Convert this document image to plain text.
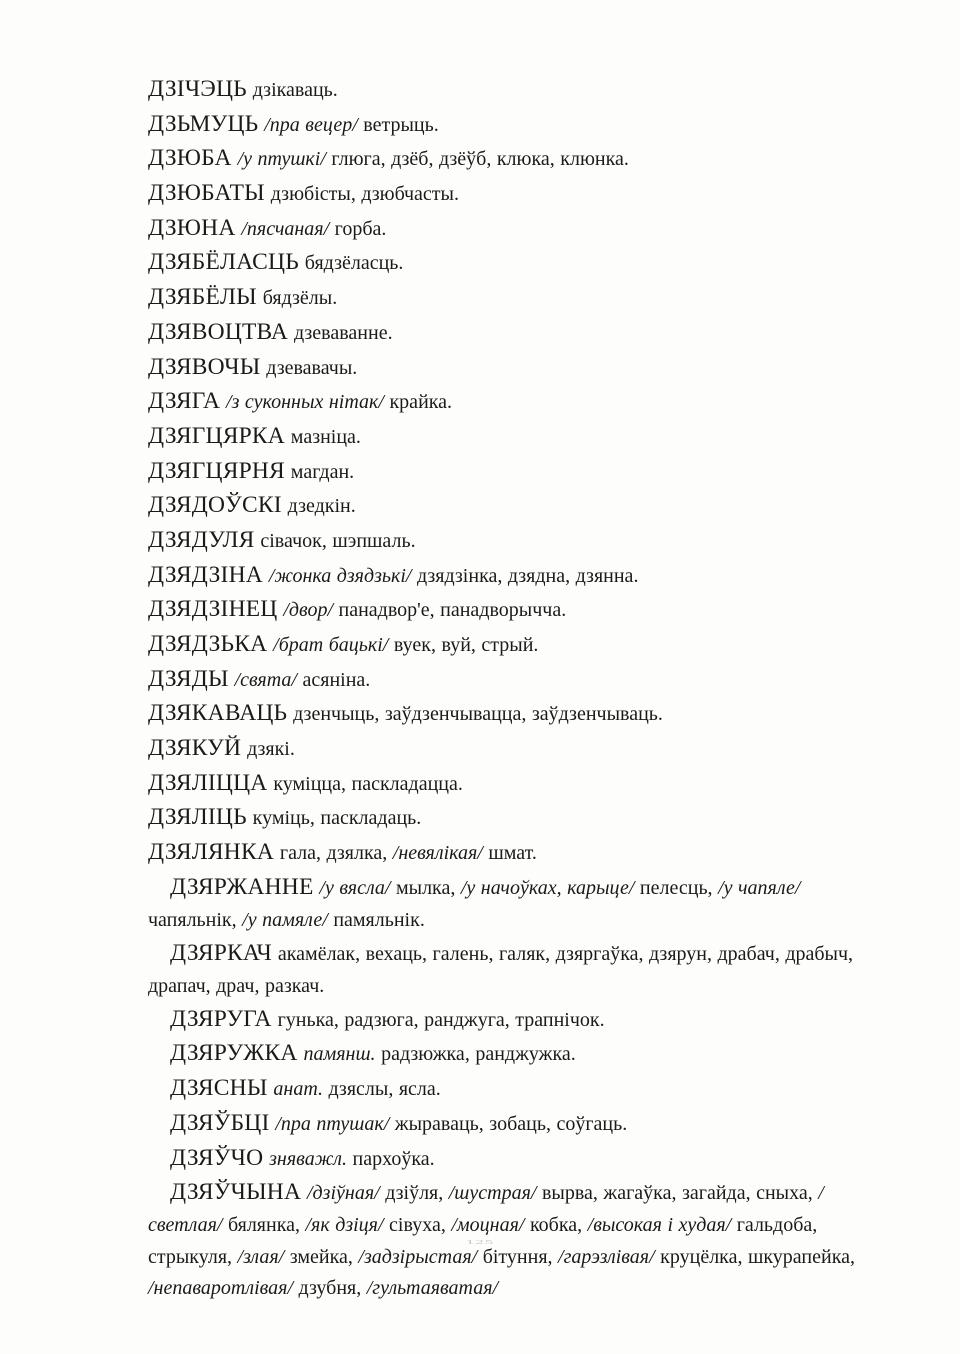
ДЗІЧЭЦЬ дзікаваць.

ДЗЬМУЦЬ /пра вецер/ ветрыць.

ДЗЮБА /у птушкі/ глюга, дзёб, дзёўб, клюка, клюнка.

ДЗЮБАТЫ дзюбісты, дзюбчасты.

ДЗЮНА /пясчаная/ горба.

ДЗЯБЁЛАСЦЬ бядзёласць.

ДЗЯБЁЛЫ бядзёлы.

ДЗЯВОЦТВА дзеваванне.

ДЗЯВОЧЫ дзевавачы.

ДЗЯГА /з суконных нітак/ крайка.

ДЗЯГЦЯРКА мазніца.

ДЗЯГЦЯРНЯ магдан.

ДЗЯДОЎСКІ дзедкін.

ДЗЯДУЛЯ сівачок, шэпшаль.

ДЗЯДЗІНА /жонка дзядзькі/ дзядзінка, дзядна, дзянна.

ДЗЯДЗІНЕЦ /двор/ панадвор'е, панадворыччa.

ДЗЯДЗЬКА /брат бацькі/ вуек, вуй, стрый.

ДЗЯДЫ /свята/ асяніна.

ДЗЯКАВАЦЬ дзенчыць, заўдзенчывацца, заўдзенчываць.

ДЗЯКУЙ дзякі.

ДЗЯЛІЦЦА куміцца, паскладацца.

ДЗЯЛІЦЬ куміць, паскладаць.

ДЗЯЛЯНКА гала, дзялка, /невялікая/ шмат.

ДЗЯРЖАННЕ /у вясла/ мылка, /у начоўках, карыце/ пелесць, /у чапяле/ чапяльнік, /у памяле/ памяльнік.

ДЗЯРКАЧ акамёлак, вехаць, галень, галяк, дзяргаўка, дзярун, драбач, драбыч, драпач, драч, разкач.

ДЗЯРУГА гунька, радзюга, ранджуга, трапнічок.

ДЗЯРУЖКА памянш. радзюжка, ранджужка.

ДЗЯСНЫ анат. дзяслы, ясла.

ДЗЯЎБЦІ /пра птушак/ жыраваць, зобаць, соўгаць.

ДЗЯЎЧО зняважл. пархоўка.

ДЗЯЎЧЫНА /дзіўная/ дзіўля, /шустрая/ вырва, жагаўка, загайда, сныха, /светлая/ бялянка, /як дзіця/ сівуха, /моцная/ кобка, /высокая і худая/ гальдоба, стрыкуля, /злая/ змейка, /задзірыстая/ бітуння, /гарэзлівая/ круцёлка, шкурапейка, /непаваротлівая/ дзубня, /гультаяватая/

125
